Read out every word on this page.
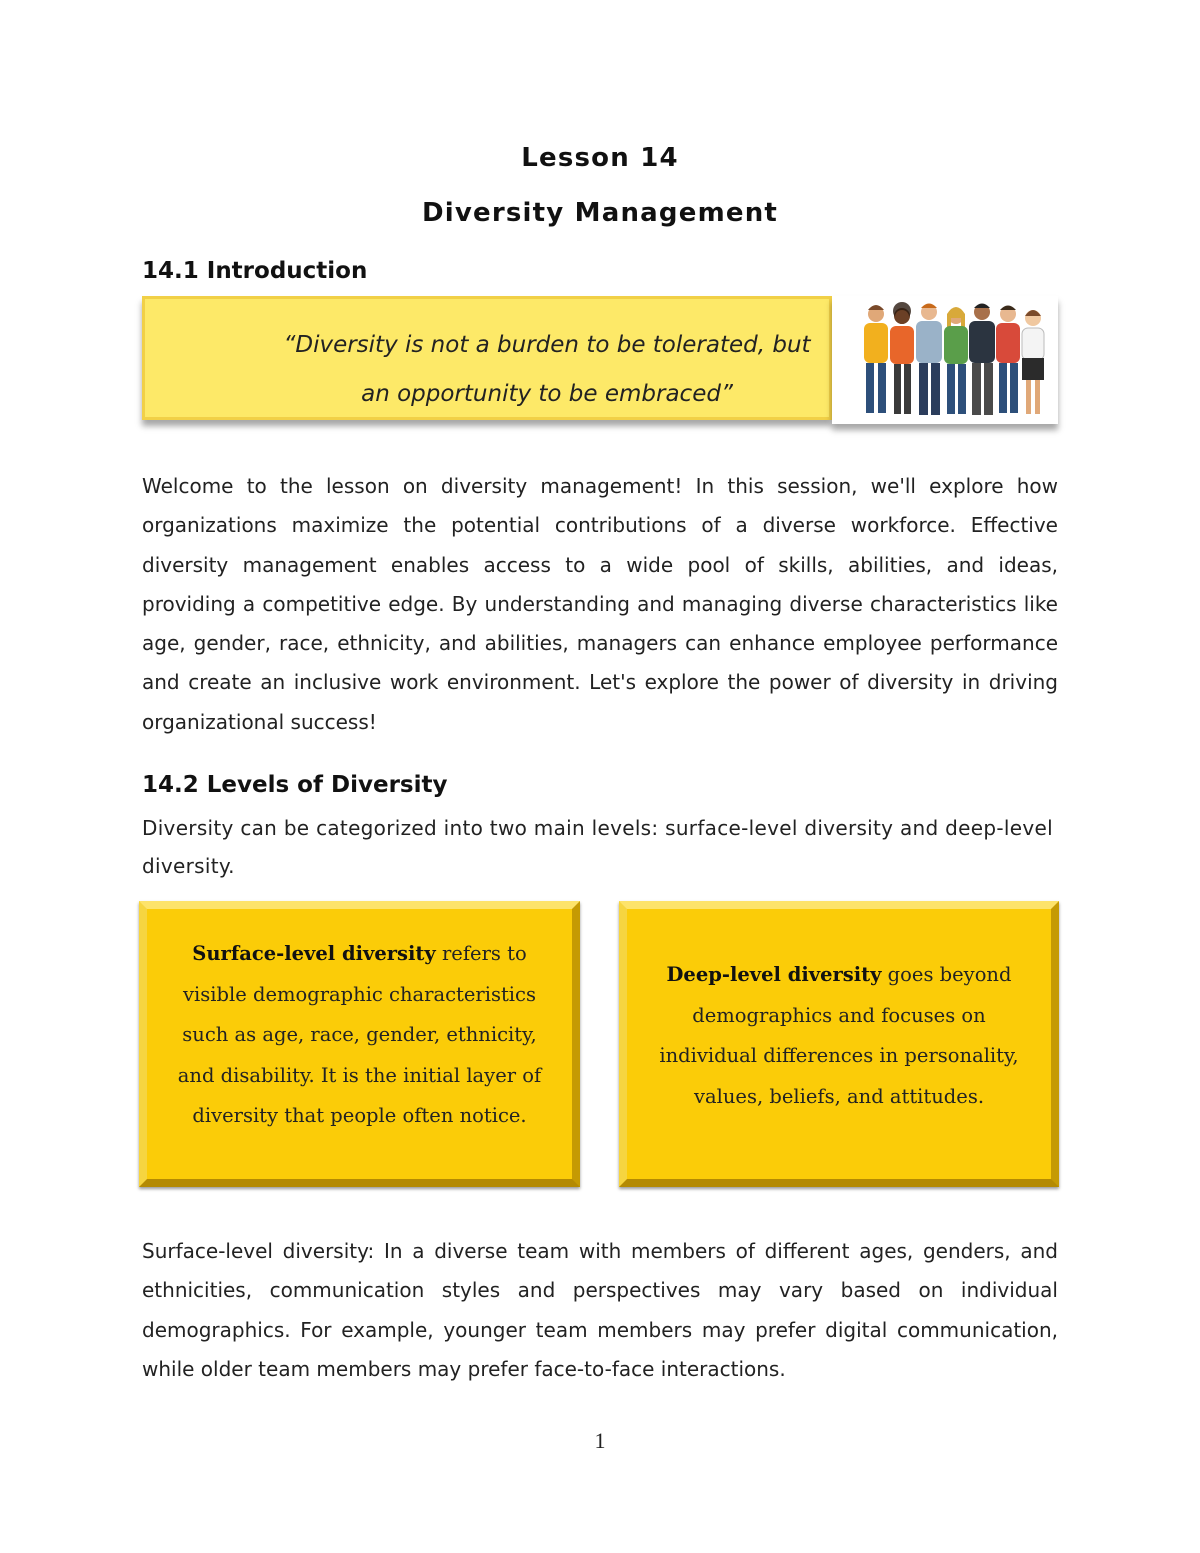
Lesson 14
Diversity Management
14.1 Introduction
“Diversity is not a burden to be tolerated, but
an opportunity to be embraced”
Welcome to the lesson on diversity management! In this session, we'll explore how organizations maximize the potential contributions of a diverse workforce. Effective diversity management enables access to a wide pool of skills, abilities, and ideas, providing a competitive edge. By understanding and managing diverse characteristics like age, gender, race, ethnicity, and abilities, managers can enhance employee performance and create an inclusive work environment. Let's explore the power of diversity in driving organizational success!
14.2 Levels of Diversity
Diversity can be categorized into two main levels: surface-level diversity and deep-level diversity.
Surface-level diversity refers to visible demographic characteristics such as age, race, gender, ethnicity, and disability. It is the initial layer of diversity that people often notice.
Deep-level diversity goes beyond demographics and focuses on individual differences in personality, values, beliefs, and attitudes.
Surface-level diversity: In a diverse team with members of different ages, genders, and ethnicities, communication styles and perspectives may vary based on individual demographics. For example, younger team members may prefer digital communication, while older team members may prefer face-to-face interactions.
1
